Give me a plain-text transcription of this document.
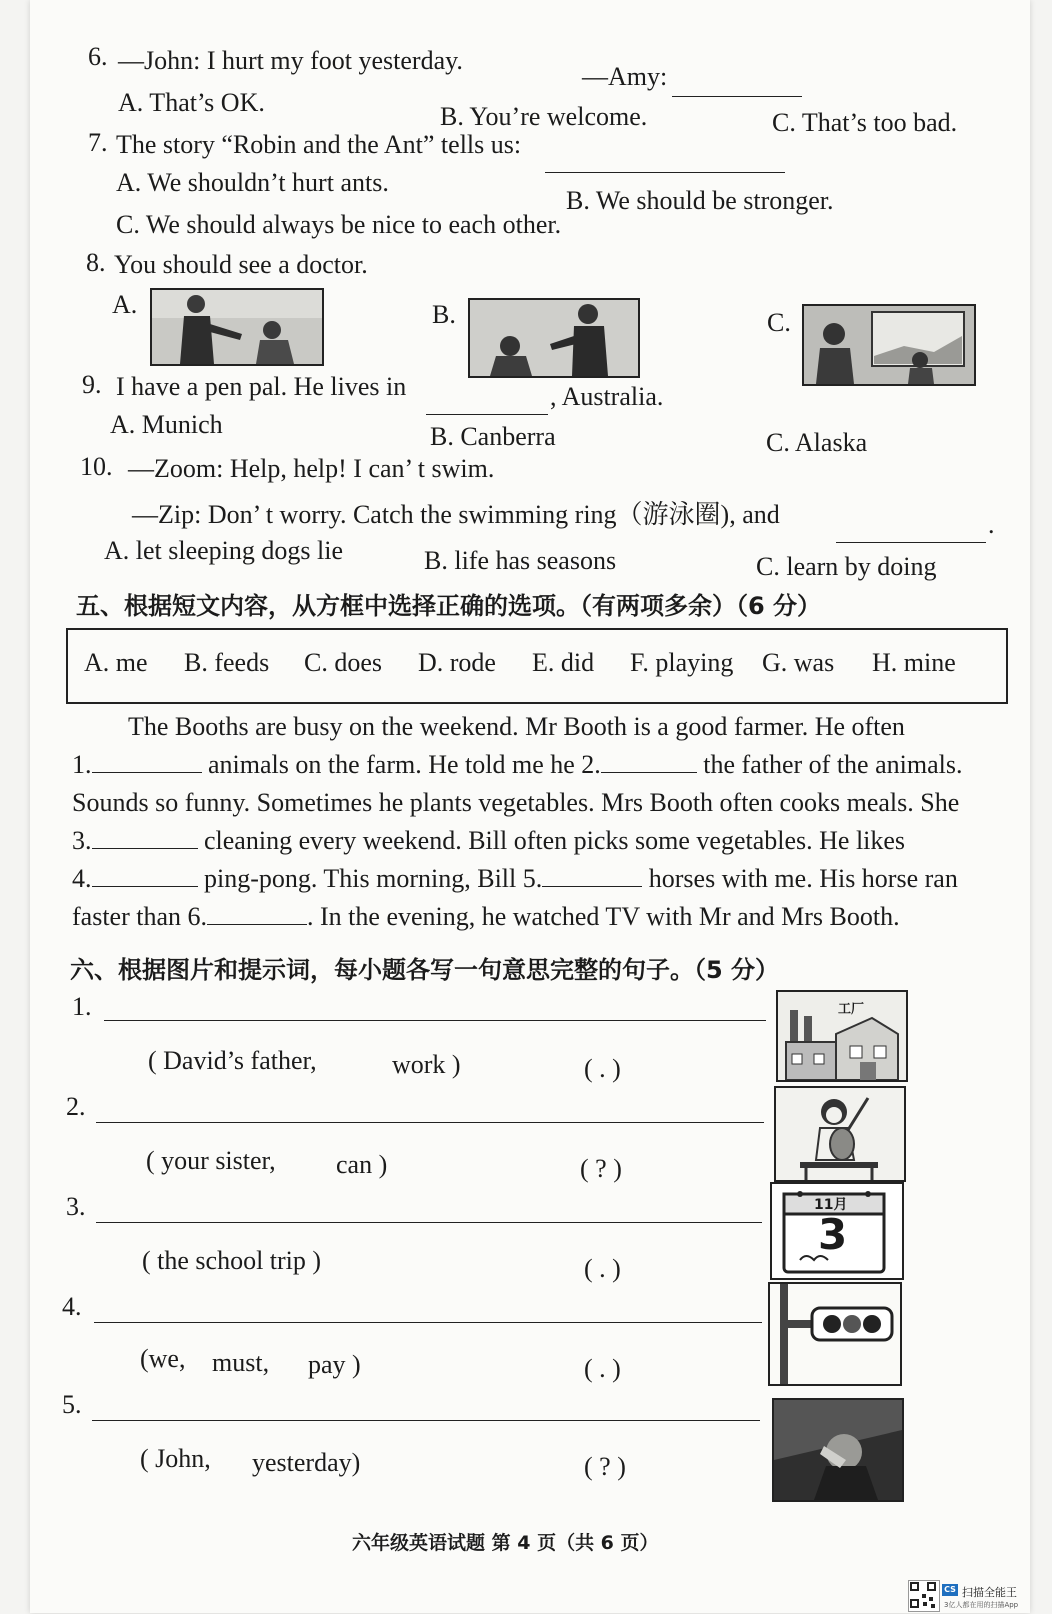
6. —John: I hurt my foot yesterday.
—Amy:
A. That’s OK.	B. You’re welcome.	C. That’s too bad.
7. The story “Robin and the Ant” tells us:
A. We shouldn’t hurt ants.
B. We should be stronger.
C. We should always be nice to each other.
8. You should see a doctor.
A.	B.	C.
9. I have a pen pal. He lives in	, Australia.
A. Munich	B. Canberra	C. Alaska
10. —Zoom: Help, help! I can’ t swim.
—Zip: Don’ t worry. Catch the swimming ring（游泳圈), and	.
A. let sleeping dogs lie	B. life has seasons	C. learn by doing
五、根据短文内容，从方框中选择正确的选项。（有两项多余）（6 分）
A. me B. feeds C. does D. rode E. did F. playing G. was H. mine
The Booths are busy on the weekend. Mr Booth is a good farmer. He often
1.	animals on the farm. He told me he 2.	the father of the animals.
Sounds so funny. Sometimes he plants vegetables. Mrs Booth often cooks meals. She
3.	cleaning every weekend. Bill often picks some vegetables. He likes
4.	ping-pong. This morning, Bill 5.	horses with me. His horse ran
faster than 6.	. In the evening, he watched TV with Mr and Mrs Booth.
六、根据图片和提示词，每小题各写一句意思完整的句子。（5 分）
1.
( David’s father,	work )	( . )
工厂
2.
( your sister, can )	( ? )
3.
( the school trip )	( . )
11月
3
4.
(we, must, pay )	( . )
5.
( John, yesterday)	( ? )
六年级英语试题 第 4 页（共 6 页）
CS 扫描全能王
3亿人都在用的扫描App
